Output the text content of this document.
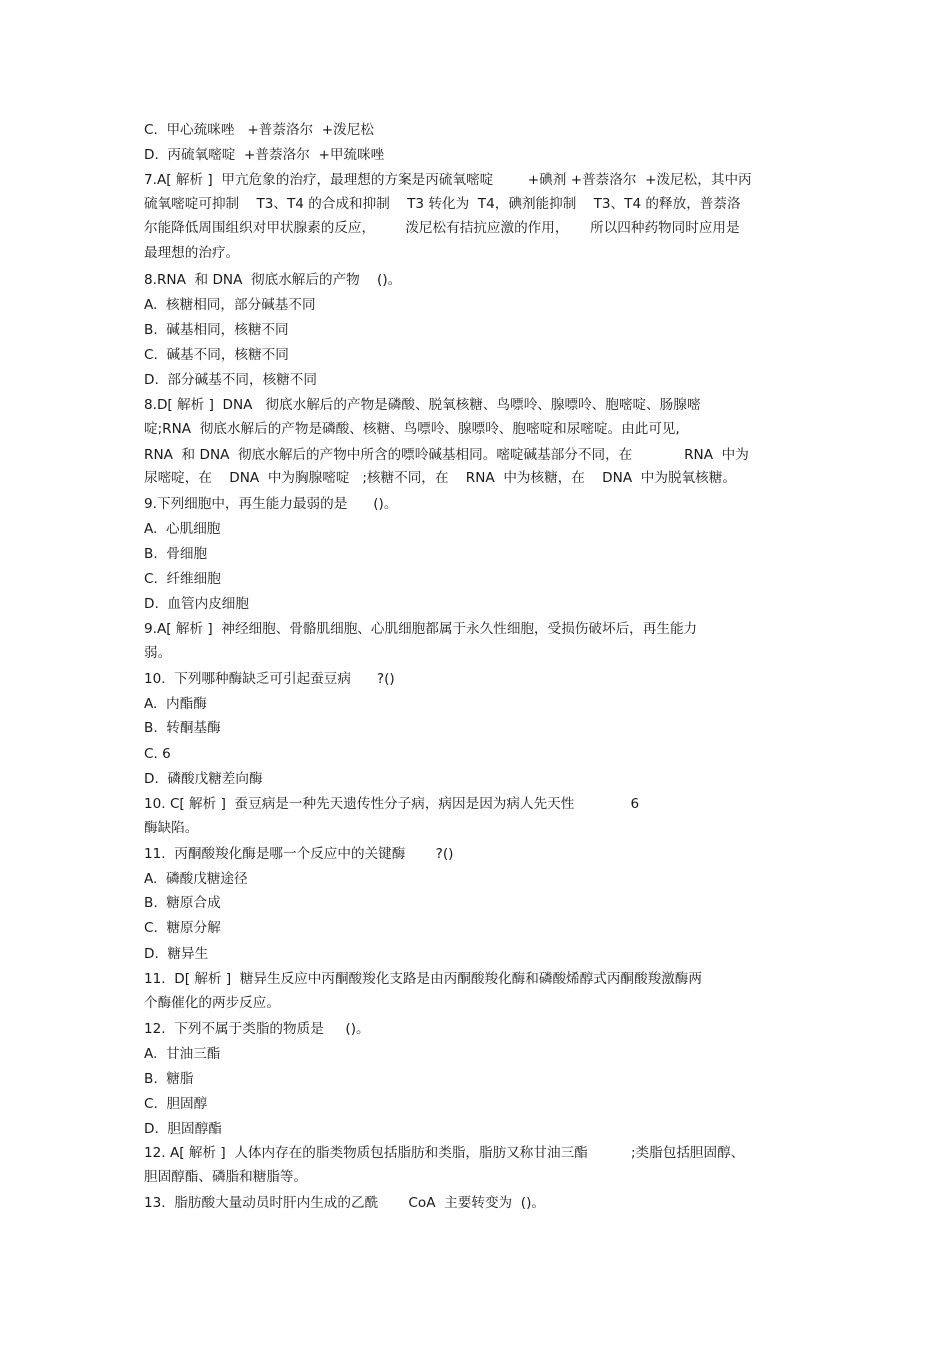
C.  甲心巯咪唑   +普萘洛尔  +泼尼松
D.  丙硫氧嘧啶  +普萘洛尔  +甲巯咪唑
7.A[ 解析 ]  甲亢危象的治疗，最理想的方案是丙硫氧嘧啶        +碘剂 +普萘洛尔  +泼尼松，其中丙
硫氧嘧啶可抑制    T3、T4 的合成和抑制    T3 转化为  T4，碘剂能抑制    T3、T4 的释放，普萘洛
尔能降低周围组织对甲状腺素的反应，       泼尼松有拮抗应激的作用，     所以四种药物同时应用是
最理想的治疗。
8.RNA  和 DNA  彻底水解后的产物    ()。
A.  核糖相同，部分碱基不同
B.  碱基相同，核糖不同
C.  碱基不同，核糖不同
D.  部分碱基不同，核糖不同
8.D[ 解析 ]  DNA   彻底水解后的产物是磷酸、脱氧核糖、鸟嘌呤、腺嘌呤、胞嘧啶、肠腺嘧
啶;RNA  彻底水解后的产物是磷酸、核糖、鸟嘌呤、腺嘌呤、胞嘧啶和尿嘧啶。由此可见,
RNA  和 DNA  彻底水解后的产物中所含的嘌呤碱基相同。嘧啶碱基部分不同，在            RNA  中为
尿嘧啶，在    DNA  中为胸腺嘧啶   ;核糖不同，在    RNA  中为核糖，在    DNA  中为脱氧核糖。
9.下列细胞中，再生能力最弱的是      ()。
A.  心肌细胞
B.  骨细胞
C.  纤维细胞
D.  血管内皮细胞
9.A[ 解析 ]  神经细胞、骨骼肌细胞、心肌细胞都属于永久性细胞，受损伤破坏后，再生能力
弱。
10.  下列哪种酶缺乏可引起蚕豆病      ?()
A.  内酯酶
B.  转酮基酶
C. 6
D.  磷酸戊糖差向酶
10. C[ 解析 ]  蚕豆病是一种先天遗传性分子病，病因是因为病人先天性             6
酶缺陷。
11.  丙酮酸羧化酶是哪一个反应中的关键酶       ?()
A.  磷酸戊糖途径
B.  糖原合成
C.  糖原分解
D.  糖异生
11.  D[ 解析 ]  糖异生反应中丙酮酸羧化支路是由丙酮酸羧化酶和磷酸烯醇式丙酮酸羧激酶两
个酶催化的两步反应。
12.  下列不属于类脂的物质是     ()。
A.  甘油三酯
B.  糖脂
C.  胆固醇
D.  胆固醇酯
12. A[ 解析 ]  人体内存在的脂类物质包括脂肪和类脂，脂肪又称甘油三酯          ;类脂包括胆固醇、
胆固醇酯、磷脂和糖脂等。
13.  脂肪酸大量动员时肝内生成的乙酰       CoA  主要转变为  ()。
